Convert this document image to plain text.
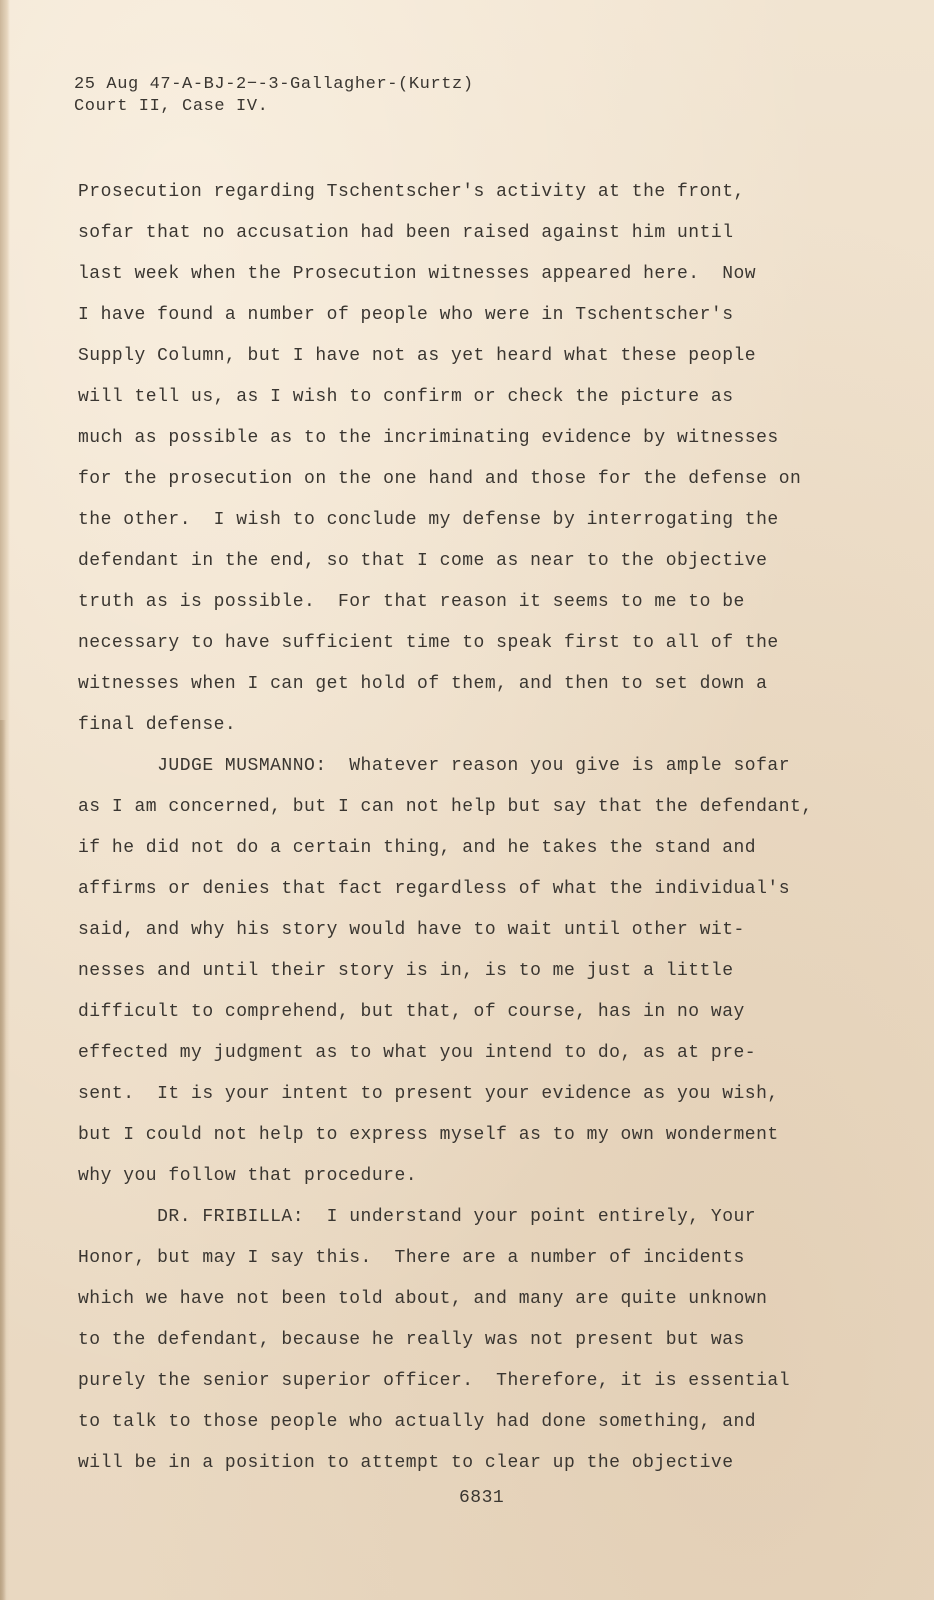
25 Aug 47-A-BJ-2−-3-Gallagher-(Kurtz)
Court II, Case IV.
Prosecution regarding Tschentscher's activity at the front,
sofar that no accusation had been raised against him until
last week when the Prosecution witnesses appeared here.  Now
I have found a number of people who were in Tschentscher's
Supply Column, but I have not as yet heard what these people
will tell us, as I wish to confirm or check the picture as
much as possible as to the incriminating evidence by witnesses
for the prosecution on the one hand and those for the defense on
the other.  I wish to conclude my defense by interrogating the
defendant in the end, so that I come as near to the objective
truth as is possible.  For that reason it seems to me to be
necessary to have sufficient time to speak first to all of the
witnesses when I can get hold of them, and then to set down a
final defense.
JUDGE MUSMANNO:  Whatever reason you give is ample sofar
as I am concerned, but I can not help but say that the defendant,
if he did not do a certain thing, and he takes the stand and
affirms or denies that fact regardless of what the individual's
said, and why his story would have to wait until other wit-
nesses and until their story is in, is to me just a little
difficult to comprehend, but that, of course, has in no way
effected my judgment as to what you intend to do, as at pre-
sent.  It is your intent to present your evidence as you wish,
but I could not help to express myself as to my own wonderment
why you follow that procedure.
DR. FRIBILLA:  I understand your point entirely, Your
Honor, but may I say this.  There are a number of incidents
which we have not been told about, and many are quite unknown
to the defendant, because he really was not present but was
purely the senior superior officer.  Therefore, it is essential
to talk to those people who actually had done something, and
will be in a position to attempt to clear up the objective
6831
